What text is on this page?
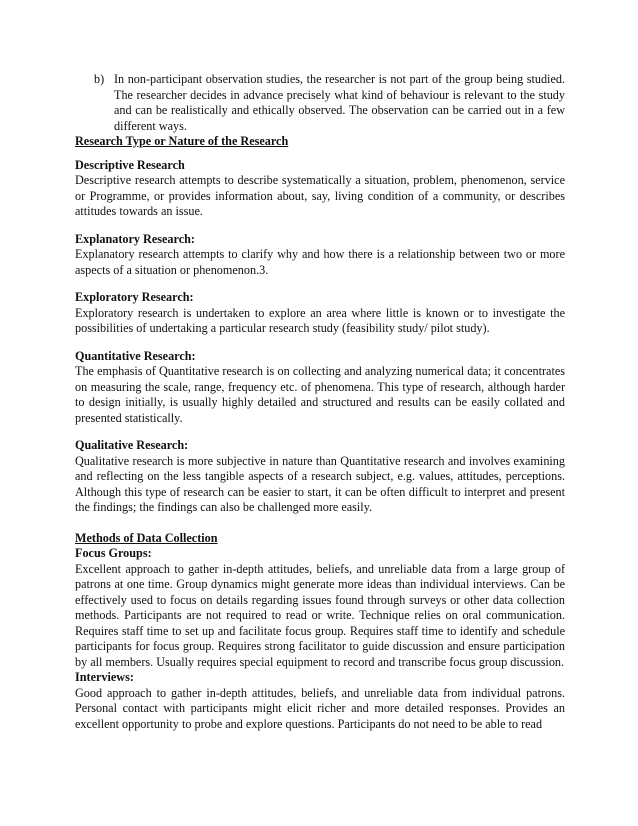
b) In non-participant observation studies, the researcher is not part of the group being studied. The researcher decides in advance precisely what kind of behaviour is relevant to the study and can be realistically and ethically observed. The observation can be carried out in a few different ways.
Research Type or Nature of the Research
Descriptive Research
Descriptive research attempts to describe systematically a situation, problem, phenomenon, service or Programme, or provides information about, say, living condition of a community, or describes attitudes towards an issue.
Explanatory Research:
Explanatory research attempts to clarify why and how there is a relationship between two or more aspects of a situation or phenomenon.3.
Exploratory Research:
Exploratory research is undertaken to explore an area where little is known or to investigate the possibilities of undertaking a particular research study (feasibility study/ pilot study).
Quantitative Research:
The emphasis of Quantitative research is on collecting and analyzing numerical data; it concentrates on measuring the scale, range, frequency etc. of phenomena. This type of research, although harder to design initially, is usually highly detailed and structured and results can be easily collated and presented statistically.
Qualitative Research:
Qualitative research is more subjective in nature than Quantitative research and involves examining and reflecting on the less tangible aspects of a research subject, e.g. values, attitudes, perceptions. Although this type of research can be easier to start, it can be often difficult to interpret and present the findings; the findings can also be challenged more easily.
Methods of Data Collection
Focus Groups:
Excellent approach to gather in-depth attitudes, beliefs, and unreliable data from a large group of patrons at one time. Group dynamics might generate more ideas than individual interviews. Can be effectively used to focus on details regarding issues found through surveys or other data collection methods. Participants are not required to read or write. Technique relies on oral communication. Requires staff time to set up and facilitate focus group. Requires staff time to identify and schedule participants for focus group. Requires strong facilitator to guide discussion and ensure participation by all members. Usually requires special equipment to record and transcribe focus group discussion.
Interviews:
Good approach to gather in-depth attitudes, beliefs, and unreliable data from individual patrons. Personal contact with participants might elicit richer and more detailed responses. Provides an excellent opportunity to probe and explore questions. Participants do not need to be able to read
